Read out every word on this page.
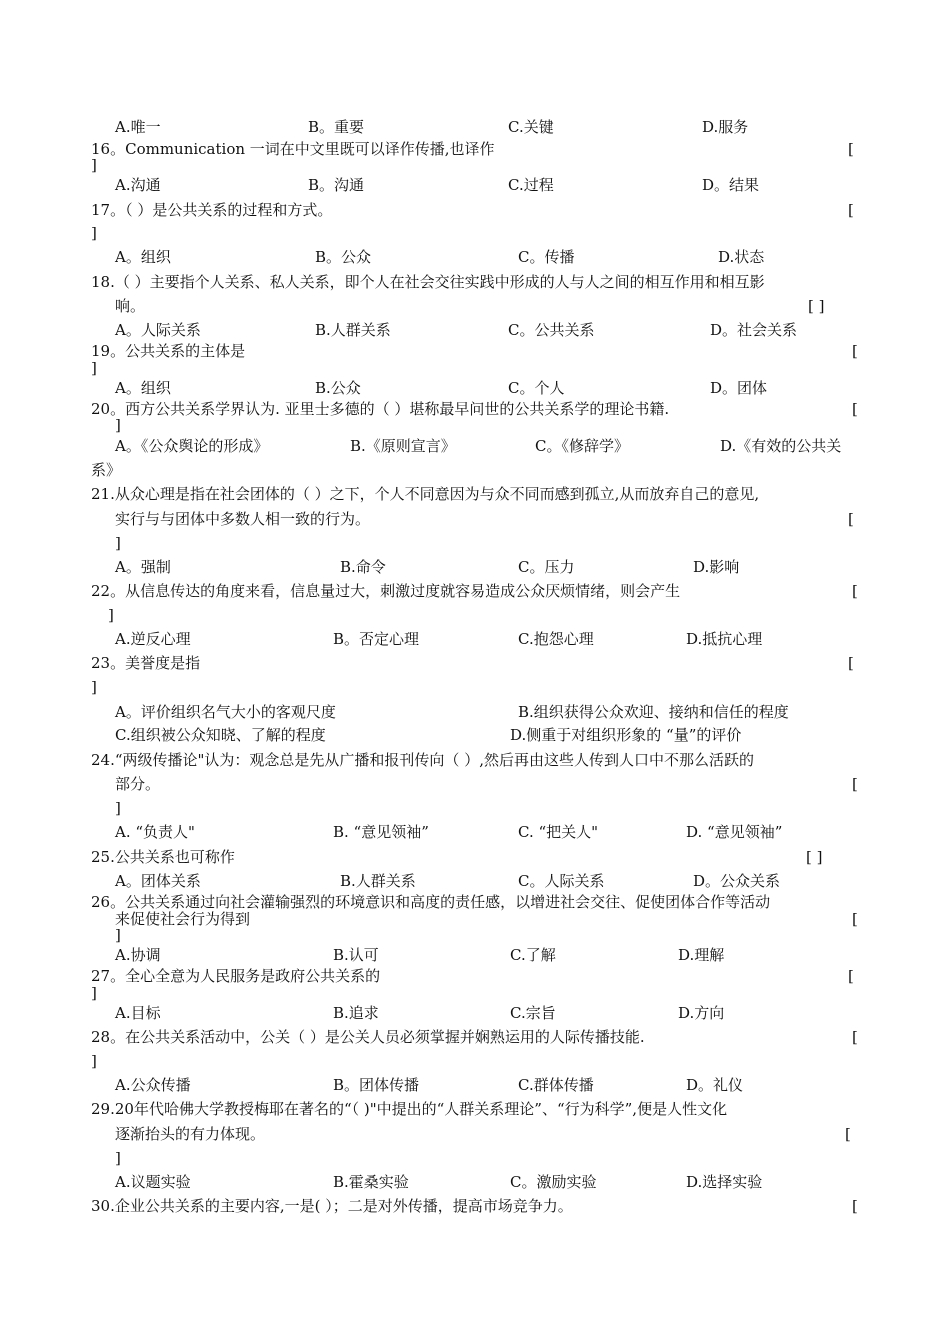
A.唯一	B。重要	C.关键	D.服务
16。Communication 一词在中文里既可以译作传播,也译作	[
]
A.沟通	B。沟通	C.过程	D。结果
17。（ ）是公共关系的过程和方式。	[
]
A。组织	B。公众	C。传播	D.状态
18.（ ）主要指个人关系、私人关系，即个人在社会交往实践中形成的人与人之间的相互作用和相互影
响。	[ ]
A。人际关系	B.人群关系	C。公共关系	D。社会关系
19。公共关系的主体是	[
]
A。组织	B.公众	C。个人	D。团体
20。西方公共关系学界认为. 亚里士多德的（ ）堪称最早问世的公共关系学的理论书籍.	[
]
A。《公众舆论的形成》	B.《原则宣言》	C。《修辞学》	D.《有效的公共关
系》
21.从众心理是指在社会团体的（ ）之下，个人不同意因为与众不同而感到孤立,从而放弃自己的意见,
实行与与团体中多数人相一致的行为。	[
]
A。强制	B.命令	C。压力	D.影响
22。从信息传达的角度来看，信息量过大，刺激过度就容易造成公众厌烦情绪，则会产生	[
]
A.逆反心理	B。否定心理	C.抱怨心理	D.抵抗心理
23。美誉度是指	[
]
A。评价组织名气大小的客观尺度	B.组织获得公众欢迎、接纳和信任的程度
C.组织被公众知晓、了解的程度	D.侧重于对组织形象的 “量”的评价
24.“两级传播论"认为：观念总是先从广播和报刊传向（ ）,然后再由这些人传到人口中不那么活跃的
部分。	[
]
A. “负责人"	B. “意见领袖”	C. “把关人"	D. “意见领袖”
25.公共关系也可称作	[ ]
A。团体关系	B.人群关系	C。人际关系	D。公众关系
26。公共关系通过向社会灌输强烈的环境意识和高度的责任感，以增进社会交往、促使团体合作等活动
来促使社会行为得到	[
]
A.协调	B.认可	C.了解	D.理解
27。全心全意为人民服务是政府公共关系的	[
]
A.目标	B.追求	C.宗旨	D.方向
28。在公共关系活动中，公关（ ）是公关人员必须掌握并娴熟运用的人际传播技能.	[
]
A.公众传播	B。团体传播	C.群体传播	D。礼仪
29.20年代哈佛大学教授梅耶在著名的“（ )"中提出的“人群关系理论”、“行为科学”,便是人性文化
逐渐抬头的有力体现。	[
]
A.议题实验	B.霍桑实验	C。激励实验	D.选择实验
30.企业公共关系的主要内容,一是( ）；二是对外传播，提高市场竞争力。	[
